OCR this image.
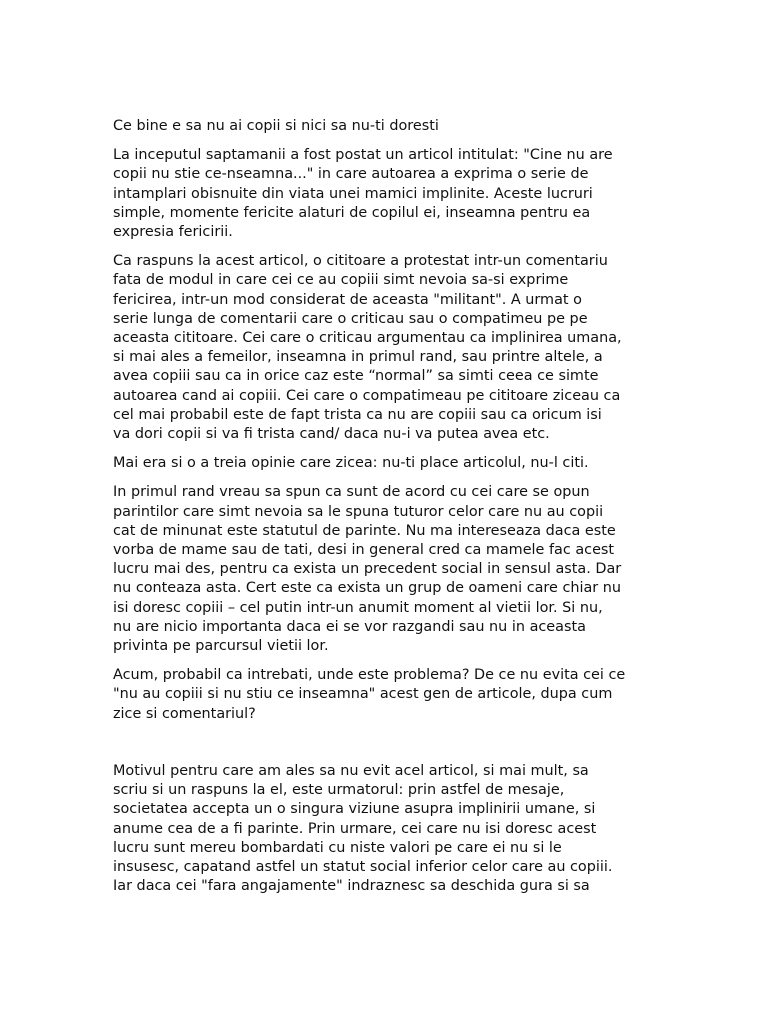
Ce bine e sa nu ai copii si nici sa nu-ti doresti

La inceputul saptamanii a fost postat un articol intitulat: "Cine nu are
copii nu stie ce-nseamna..." in care autoarea a exprima o serie de
intamplari obisnuite din viata unei mamici implinite. Aceste lucruri
simple, momente fericite alaturi de copilul ei, inseamna pentru ea
expresia fericirii.

Ca raspuns la acest articol, o cititoare a protestat intr-un comentariu
fata de modul in care cei ce au copiii simt nevoia sa-si exprime
fericirea, intr-un mod considerat de aceasta "militant". A urmat o
serie lunga de comentarii care o criticau sau o compatimeu pe pe
aceasta cititoare. Cei care o criticau argumentau ca implinirea umana,
si mai ales a femeilor, inseamna in primul rand, sau printre altele, a
avea copiii sau ca in orice caz este “normal” sa simti ceea ce simte
autoarea cand ai copiii. Cei care o compatimeau pe cititoare ziceau ca
cel mai probabil este de fapt trista ca nu are copiii sau ca oricum isi
va dori copii si va fi trista cand/ daca nu-i va putea avea etc.

Mai era si o a treia opinie care zicea: nu-ti place articolul, nu-l citi.

In primul rand vreau sa spun ca sunt de acord cu cei care se opun
parintilor care simt nevoia sa le spuna tuturor celor care nu au copii
cat de minunat este statutul de parinte. Nu ma intereseaza daca este
vorba de mame sau de tati, desi in general cred ca mamele fac acest
lucru mai des, pentru ca exista un precedent social in sensul asta. Dar
nu conteaza asta. Cert este ca exista un grup de oameni care chiar nu
isi doresc copiii – cel putin intr-un anumit moment al vietii lor. Si nu,
nu are nicio importanta daca ei se vor razgandi sau nu in aceasta
privinta pe parcursul vietii lor.

Acum, probabil ca intrebati, unde este problema? De ce nu evita cei ce
"nu au copiii si nu stiu ce inseamna" acest gen de articole, dupa cum
zice si comentariul?

Motivul pentru care am ales sa nu evit acel articol, si mai mult, sa
scriu si un raspuns la el, este urmatorul: prin astfel de mesaje,
societatea accepta un o singura viziune asupra implinirii umane, si
anume cea de a fi parinte. Prin urmare, cei care nu isi doresc acest
lucru sunt mereu bombardati cu niste valori pe care ei nu si le
insusesc, capatand astfel un statut social inferior celor care au copiii.
Iar daca cei "fara angajamente" indraznesc sa deschida gura si sa
